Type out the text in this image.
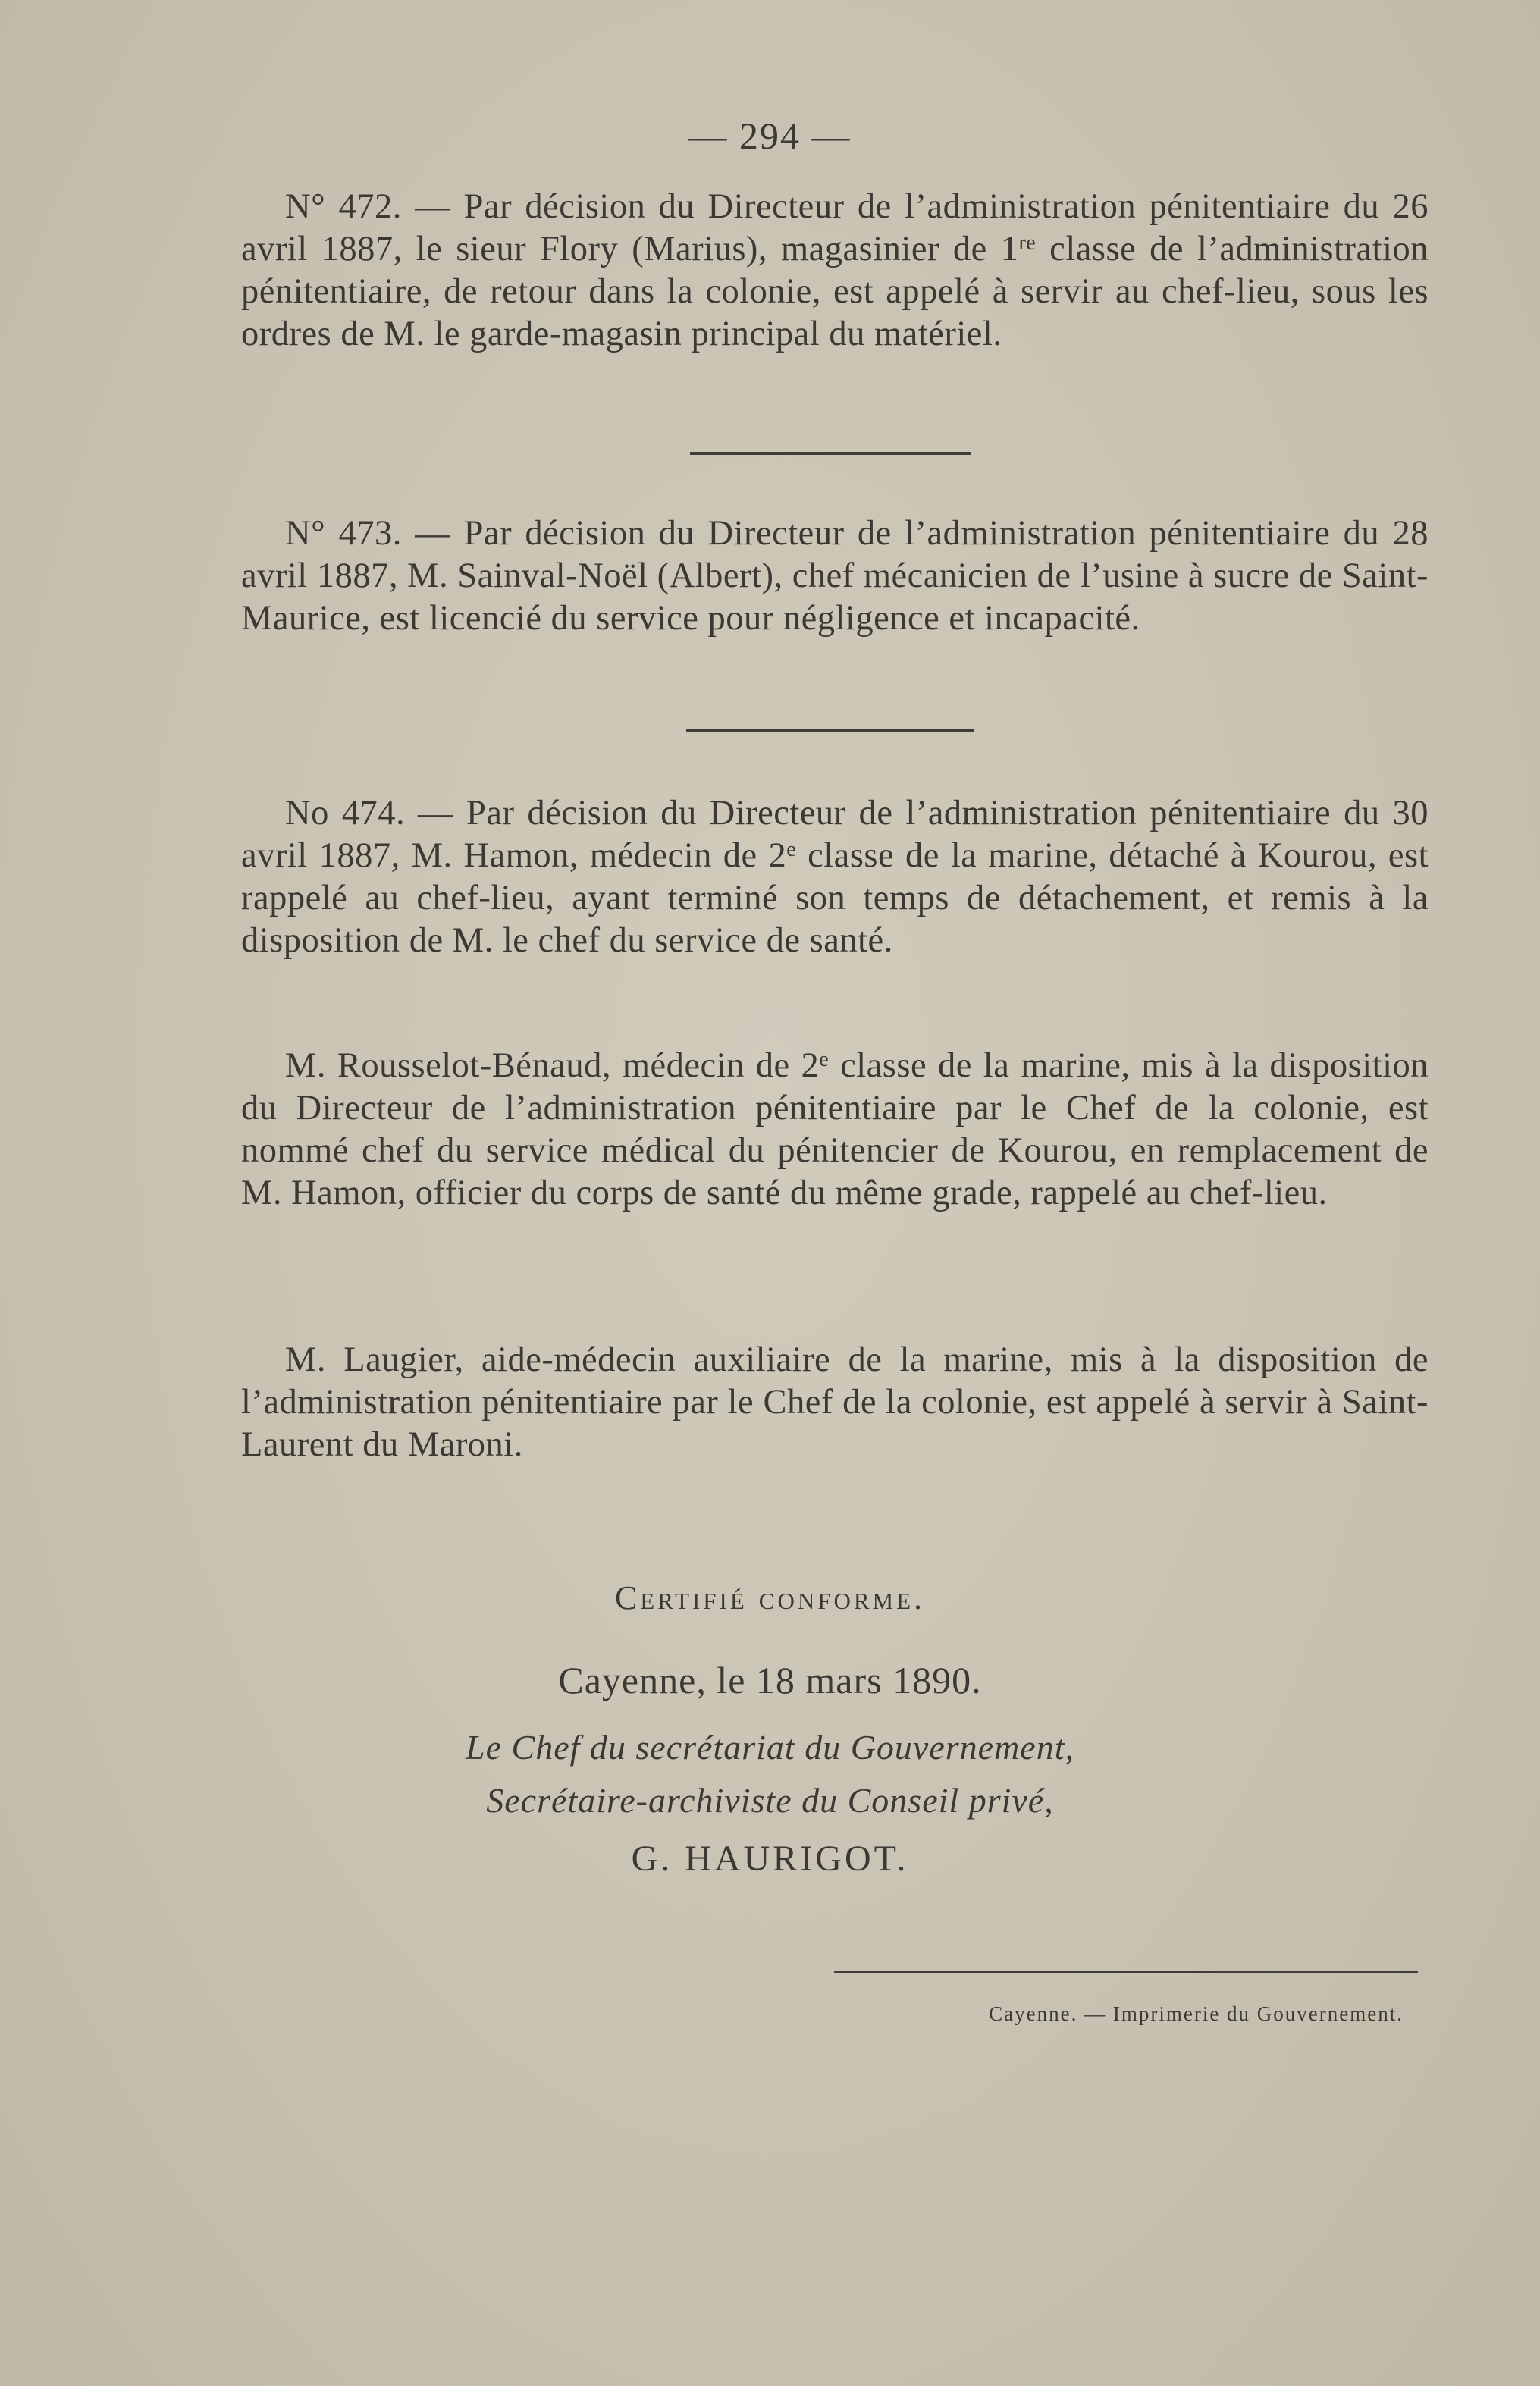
— 294 —

N° 472. — Par décision du Directeur de l’administration pénitentiaire du 26 avril 1887, le sieur Flory (Marius), magasinier de 1re classe de l’administration pénitentiaire, de retour dans la colonie, est appelé à servir au chef-lieu, sous les ordres de M. le garde-magasin principal du matériel.

N° 473. — Par décision du Directeur de l’administration pénitentiaire du 28 avril 1887, M. Sainval-Noël (Albert), chef mécanicien de l’usine à sucre de Saint-Maurice, est licencié du service pour négligence et incapacité.

No 474. — Par décision du Directeur de l’administration pénitentiaire du 30 avril 1887, M. Hamon, médecin de 2e classe de la marine, détaché à Kourou, est rappelé au chef-lieu, ayant terminé son temps de détachement, et remis à la disposition de M. le chef du service de santé.

M. Rousselot-Bénaud, médecin de 2e classe de la marine, mis à la disposition du Directeur de l’administration pénitentiaire par le Chef de la colonie, est nommé chef du service médical du pénitencier de Kourou, en remplacement de M. Hamon, officier du corps de santé du même grade, rappelé au chef-lieu.

M. Laugier, aide-médecin auxiliaire de la marine, mis à la disposition de l’administration pénitentiaire par le Chef de la colonie, est appelé à servir à Saint-Laurent du Maroni.

Certifié conforme.
Cayenne, le 18 mars 1890.
Le Chef du secrétariat du Gouvernement,
Secrétaire-archiviste du Conseil privé,
G. HAURIGOT.
Cayenne. — Imprimerie du Gouvernement.
